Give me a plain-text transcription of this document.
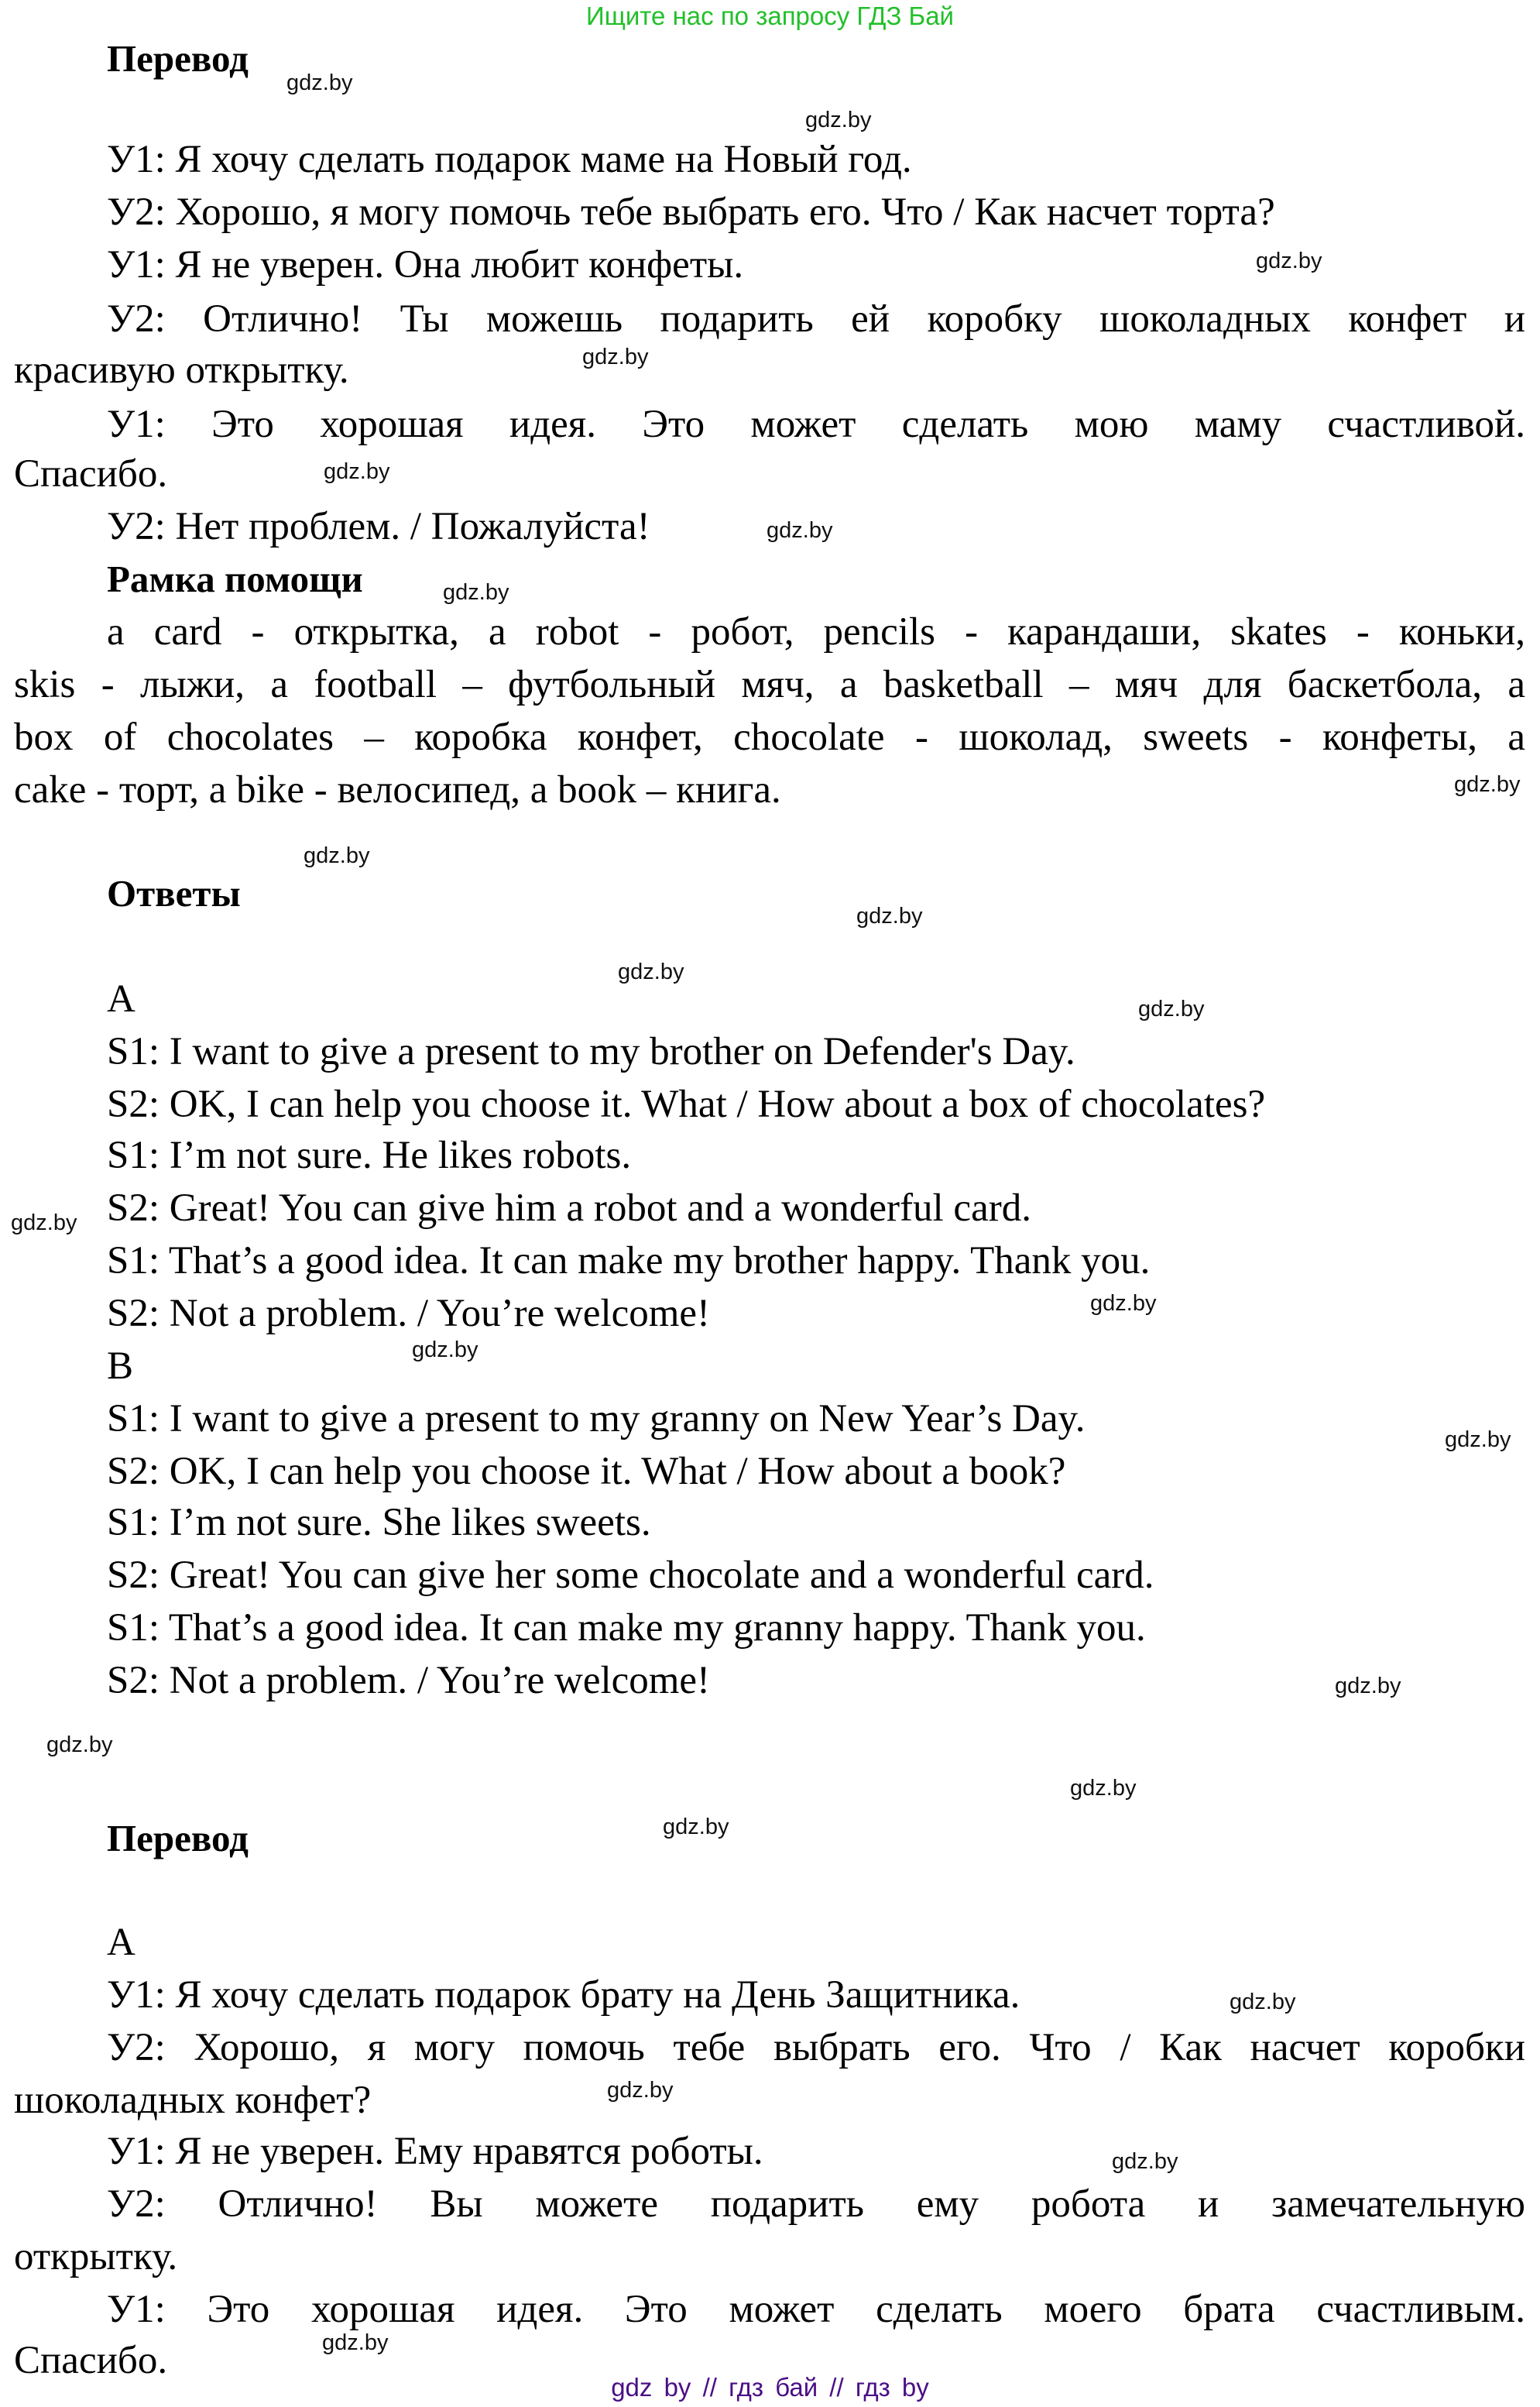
Ищите нас по запросу ГДЗ Бай
Перевод
gdz.by
gdz.by
У1: Я хочу сделать подарок маме на Новый год.
У2: Хорошо, я могу помочь тебе выбрать его. Что / Как насчет торта?
У1: Я не уверен. Она любит конфеты.	gdz.by
У2: Отлично! Ты можешь подарить ей коробку шоколадных конфет и
красивую открытку.	gdz.by
У1: Это хорошая идея. Это может сделать мою маму счастливой.
Спасибо.	gdz.by
У2: Нет проблем. / Пожалуйста!	gdz.by
Рамка помощи	gdz.by
a card - открытка, a robot - робот, pencils - карандаши, skates - коньки,
skis - лыжи, a football – футбольный мяч, a basketball – мяч для баскетбола, a
box of chocolates – коробка конфет, chocolate - шоколад, sweets - конфеты, a
cake - торт, a bike - велосипед, a book – книга.	gdz.by
gdz.by
Ответы
gdz.by
gdz.by
A	gdz.by
S1: I want to give a present to my brother on Defender's Day.
S2: OK, I can help you choose it. What / How about a box of chocolates?
S1: I’m not sure. He likes robots.
S2: Great! You can give him a robot and a wonderful card.
gdz.by
S1: That’s a good idea. It can make my brother happy. Thank you.
S2: Not a problem. / You’re welcome!	gdz.by
B	gdz.by
S1: I want to give a present to my granny on New Year’s Day.	gdz.by
S2: OK, I can help you choose it. What / How about a book?
S1: I’m not sure. She likes sweets.
S2: Great! You can give her some chocolate and a wonderful card.
S1: That’s a good idea. It can make my granny happy. Thank you.
S2: Not a problem. / You’re welcome!	gdz.by
gdz.by
gdz.by
Перевод	gdz.by
A
У1: Я хочу сделать подарок брату на День Защитника.	gdz.by
У2: Хорошо, я могу помочь тебе выбрать его. Что / Как насчет коробки
шоколадных конфет?	gdz.by
У1: Я не уверен. Ему нравятся роботы.	gdz.by
У2: Отлично! Вы можете подарить ему робота и замечательную
открытку.
У1: Это хорошая идея. Это может сделать моего брата счастливым.
Спасибо.	gdz.by
gdz by // гдз бай // гдз by
